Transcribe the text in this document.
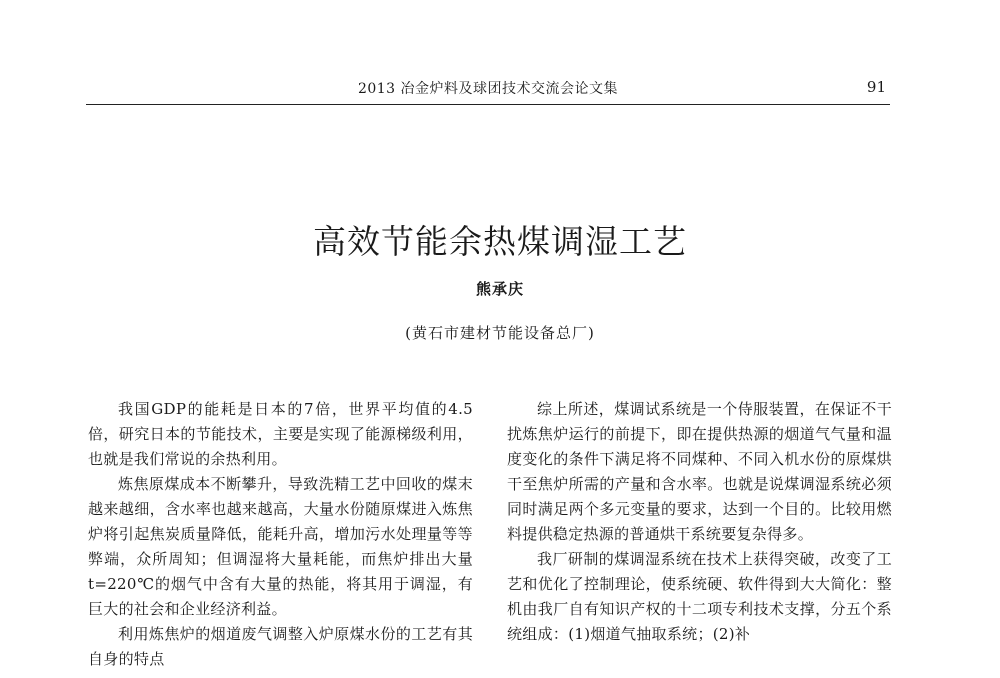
2013 冶金炉料及球团技术交流会论文集	91
高效节能余热煤调湿工艺
熊承庆
(黄石市建材节能设备总厂)

我国GDP的能耗是日本的7倍，世界平均值的4.5倍，研究日本的节能技术，主要是实现了能源梯级利用，也就是我们常说的余热利用。

炼焦原煤成本不断攀升，导致洗精工艺中回收的煤末越来越细，含水率也越来越高，大量水份随原煤进入炼焦炉将引起焦炭质量降低，能耗升高，增加污水处理量等等弊端，众所周知；但调湿将大量耗能，而焦炉排出大量t=220℃的烟气中含有大量的热能，将其用于调湿，有巨大的社会和企业经济利益。

利用炼焦炉的烟道废气调整入炉原煤水份的工艺有其自身的特点

综上所述，煤调试系统是一个侍服装置，在保证不干扰炼焦炉运行的前提下，即在提供热源的烟道气气量和温度变化的条件下满足将不同煤种、不同入机水份的原煤烘干至焦炉所需的产量和含水率。也就是说煤调湿系统必须同时满足两个多元变量的要求，达到一个目的。比较用燃料提供稳定热源的普通烘干系统要复杂得多。

我厂研制的煤调湿系统在技术上获得突破，改变了工艺和优化了控制理论，使系统硬、软件得到大大简化：整机由我厂自有知识产权的十二项专利技术支撑，分五个系统组成：(1)烟道气抽取系统；(2)补
